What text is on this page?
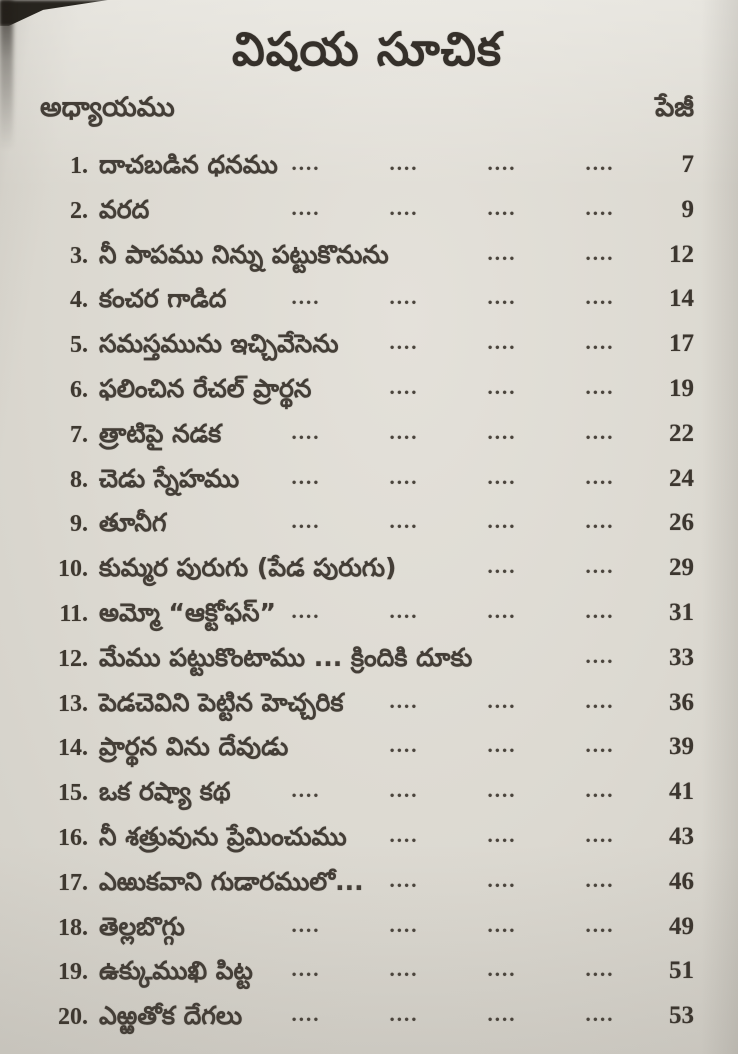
విషయ సూచిక
అధ్యాయము	పేజీ
1. దాచబడిన ధనము	7
....
....
....
....
2. వరద	9
....
....
....
....
3. నీ పాపము నిన్ను పట్టుకొనును	12
....
....
4. కంచర గాడిద	14
....
....
....
....
5. సమస్తమును ఇచ్చివేసెను	17
....
....
....
6. ఫలించిన రేచల్ ప్రార్థన	19
....
....
....
7. త్రాటిపై నడక	22
....
....
....
....
8. చెడు స్నేహము	24
....
....
....
....
9. తూనీగ	26
....
....
....
....
10. కుమ్మర పురుగు (పేడ పురుగు)	29
....
....
11. అమ్మో “ఆక్టోఫస్”	31
....
....
....
....
12. మేము పట్టుకొంటాము ... క్రిందికి దూకు	33
....
13. పెడచెవిని పెట్టిన హెచ్చరిక	36
....
....
....
14. ప్రార్థన విను దేవుడు	39
....
....
....
15. ఒక రష్యా కథ	41
....
....
....
....
16. నీ శత్రువును ప్రేమించుము	43
....
....
....
17. ఎఱుకవాని గుడారములో...	46
....
....
....
18. తెల్లబొగ్గు	49
....
....
....
....
19. ఉక్కుముఖి పిట్ట	51
....
....
....
....
20. ఎఱ్ఱతోక దేగలు	53
....
....
....
....
